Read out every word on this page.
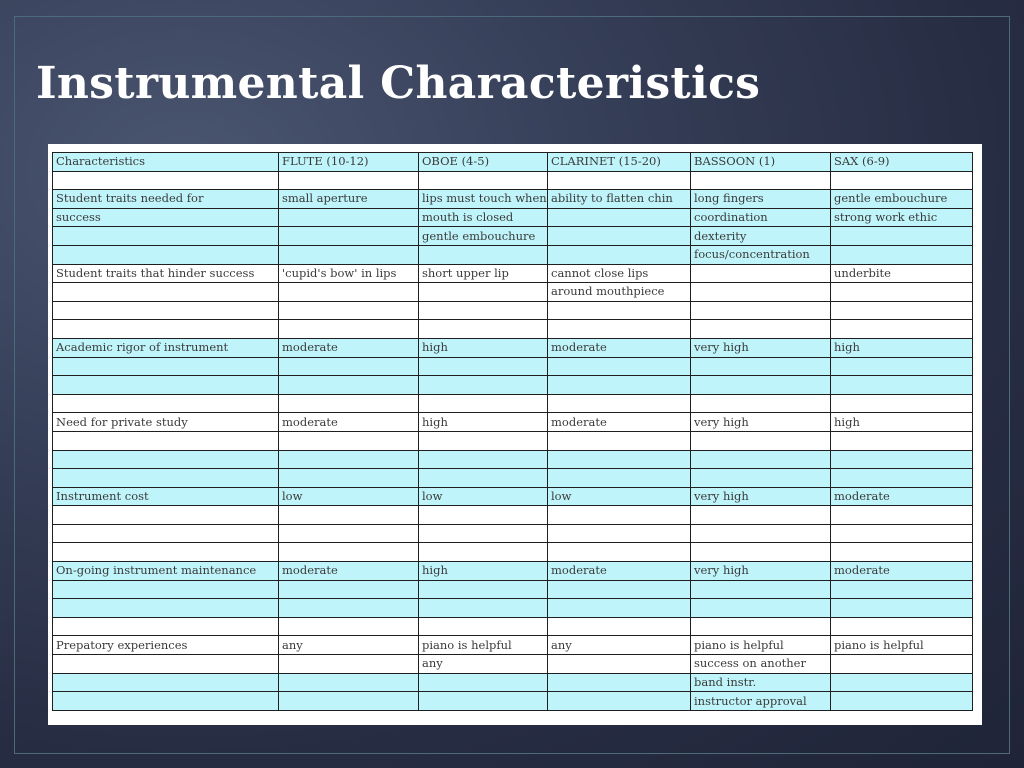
Instrumental Characteristics
Characteristics	FLUTE (10-12)	OBOE (4-5)	CLARINET (15-20)	BASSOON (1)	SAX (6-9)

Student traits needed for	small aperture	lips must touch when	ability to flatten chin	long fingers	gentle embouchure
success		mouth is closed		coordination	strong work ethic
		gentle embouchure		dexterity	
				focus/concentration	
Student traits that hinder success	'cupid's bow' in lips	short upper lip	cannot close lips		underbite
			around mouthpiece		

Academic rigor of instrument	moderate	high	moderate	very high	high

Need for private study	moderate	high	moderate	very high	high

Instrument cost	low	low	low	very high	moderate

On-going instrument maintenance	moderate	high	moderate	very high	moderate

Prepatory experiences	any	piano is helpful	any	piano is helpful	piano is helpful
		any		success on another	
				band instr.	
				instructor approval	
